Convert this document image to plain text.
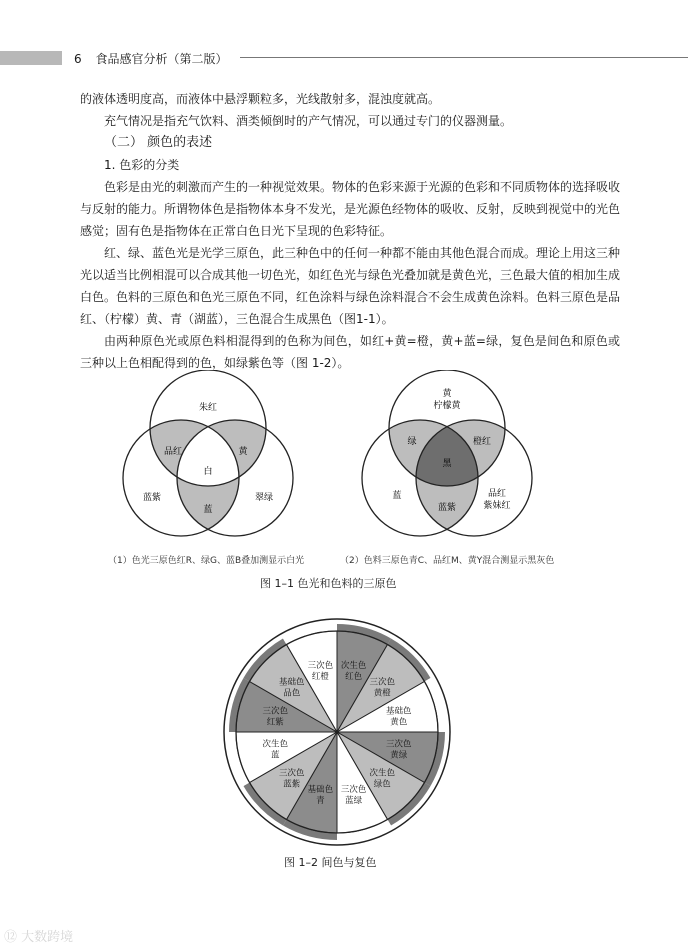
6 食品感官分析（第二版）

的液体透明度高，而液体中悬浮颗粒多，光线散射多，混浊度就高。

充气情况是指充气饮料、酒类倾倒时的产气情况，可以通过专门的仪器测量。

（二） 颜色的表述

1. 色彩的分类

色彩是由光的刺激而产生的一种视觉效果。物体的色彩来源于光源的色彩和不同质物体的选择吸收与反射的能力。所谓物体色是指物体本身不发光，是光源色经物体的吸收、反射，反映到视觉中的光色感觉；固有色是指物体在正常白色日光下呈现的色彩特征。

红、绿、蓝色光是光学三原色，此三种色中的任何一种都不能由其他色混合而成。理论上用这三种光以适当比例相混可以合成其他一切色光，如红色光与绿色光叠加就是黄色光，三色最大值的相加生成白色。色料的三原色和色光三原色不同，红色涂料与绿色涂料混合不会生成黄色涂料。色料三原色是品红、（柠檬）黄、青（湖蓝），三色混合生成黑色（图1-1）。

由两种原色光或原色料相混得到的色称为间色，如红+黄=橙，黄+蓝=绿，复色是间色和原色或三种以上色相配得到的色，如绿紫色等（图 1-2）。

朱红
品红	黄
白
蓝紫	翠绿
蓝
黄
柠檬黄
绿	橙红
黑
蓝	品红
紫妹红
蓝紫
（1）色光三原色红R、绿G、蓝B叠加测显示白光	（2）色料三原色青C、品红M、黄Y混合测显示黑灰色
图 1–1 色光和色料的三原色
次生色
红色
三次色
黄橙
基础色
黄色
三次色
黄绿
次生色
绿色
三次色
蓝绿
基础色
青
三次色
蓝紫
次生色
蓝
三次色
红紫
基础色
品色
三次色
红橙
图 1–2 间色与复色
⑫ 大数跨境
